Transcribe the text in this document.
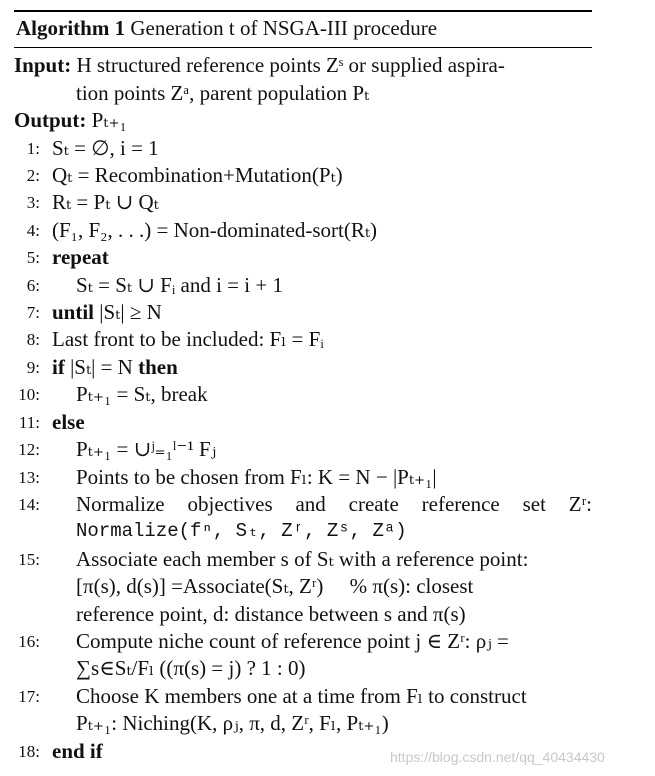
Algorithm 1 Generation t of NSGA-III procedure
Input: H structured reference points Zˢ or supplied aspira-
tion points Zᵃ, parent population Pₜ
Output: Pₜ₊₁
1: Sₜ = ∅, i = 1
2: Qₜ = Recombination+Mutation(Pₜ)
3: Rₜ = Pₜ ∪ Qₜ
4: (F₁, F₂, . . .) = Non-dominated-sort(Rₜ)
5: repeat
6: Sₜ = Sₜ ∪ Fᵢ and i = i + 1
7: until |Sₜ| ≥ N
8: Last front to be included: Fₗ = Fᵢ
9: if |Sₜ| = N then
10: Pₜ₊₁ = Sₜ, break
11: else
12: Pₜ₊₁ = ∪ʲ₌₁ˡ⁻¹ Fⱼ
13: Points to be chosen from Fₗ: K = N − |Pₜ₊₁|
14: Normalize objectives and create reference set Zʳ:
Normalize(fⁿ, Sₜ, Zʳ, Zˢ, Zᵃ)
15: Associate each member s of Sₜ with a reference point:
[π(s), d(s)] =Associate(Sₜ, Zʳ)     % π(s): closest
reference point, d: distance between s and π(s)
16: Compute niche count of reference point j ∈ Zʳ: ρⱼ =
∑s∈Sₜ/Fₗ ((π(s) = j) ? 1 : 0)
17: Choose K members one at a time from Fₗ to construct
Pₜ₊₁: Niching(K, ρⱼ, π, d, Zʳ, Fₗ, Pₜ₊₁)
18: end if	https://blog.csdn.net/qq_40434430
